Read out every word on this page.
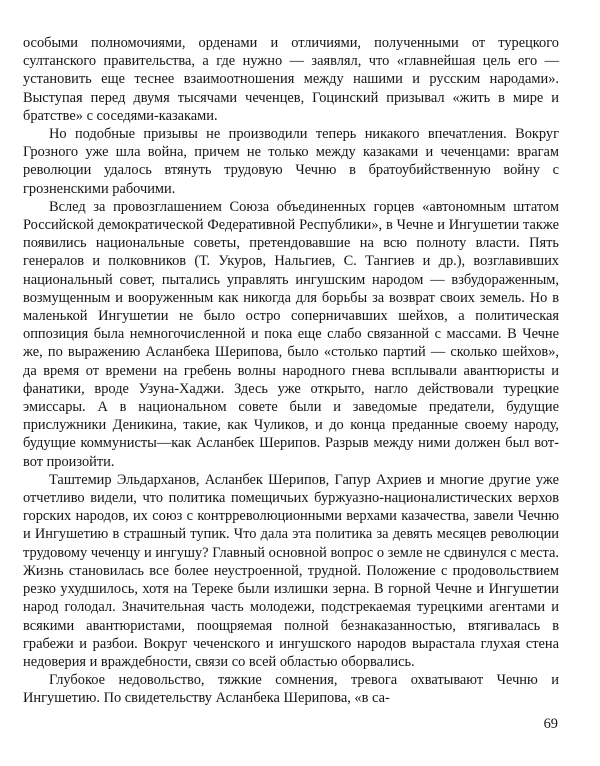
особыми полномочиями, орденами и отличиями, полученными от турецкого султанского правительства, а где нужно — заявлял, что «главнейшая цель его — установить еще теснее взаимоотношения между нашими и русским народами». Выступая перед двумя тысячами чеченцев, Гоцинский призывал «жить в мире и братстве» с соседями-казаками.

Но подобные призывы не производили теперь никакого впечатления. Вокруг Грозного уже шла война, причем не только между казаками и чеченцами: врагам революции удалось втянуть трудовую Чечню в братоубийственную войну с грозненскими рабочими.

Вслед за провозглашением Союза объединенных горцев «автономным штатом Российской демократической Федеративной Республики», в Чечне и Ингушетии также появились национальные советы, претендовавшие на всю полноту власти. Пять генералов и полковников (Т. Укуров, Нальгиев, С. Тангиев и др.), возглавивших национальный совет, пытались управлять ингушским народом — взбудораженным, возмущенным и вооруженным как никогда для борьбы за возврат своих земель. Но в маленькой Ингушетии не было остро соперничавших шейхов, а политическая оппозиция была немногочисленной и пока еще слабо связанной с массами. В Чечне же, по выражению Асланбека Шерипова, было «столько партий — сколько шейхов», да время от времени на гребень волны народного гнева всплывали авантюристы и фанатики, вроде Узуна-Хаджи. Здесь уже открыто, нагло действовали турецкие эмиссары. А в национальном совете были и заведомые предатели, будущие прислужники Деникина, такие, как Чуликов, и до конца преданные своему народу, будущие коммунисты—как Асланбек Шерипов. Разрыв между ними должен был вот-вот произойти.

Таштемир Эльдарханов, Асланбек Шерипов, Гапур Ахриев и многие другие уже отчетливо видели, что политика помещичьих буржуазно-националистических верхов горских народов, их союз с контрреволюционными верхами казачества, завели Чечню и Ингушетию в страшный тупик. Что дала эта политика за девять месяцев революции трудовому чеченцу и ингушу? Главный основной вопрос о земле не сдвинулся с места. Жизнь становилась все более неустроенной, трудной. Положение с продовольствием резко ухудшилось, хотя на Тереке были излишки зерна. В горной Чечне и Ингушетии народ голодал. Значительная часть молодежи, подстрекаемая турецкими агентами и всякими авантюристами, поощряемая полной безнаказанностью, втягивалась в грабежи и разбои. Вокруг чеченского и ингушского народов вырастала глухая стена недоверия и враждебности, связи со всей областью оборвались.

Глубокое недовольство, тяжкие сомнения, тревога охватывают Чечню и Ингушетию. По свидетельству Асланбека Шерипова, «в са-

69
